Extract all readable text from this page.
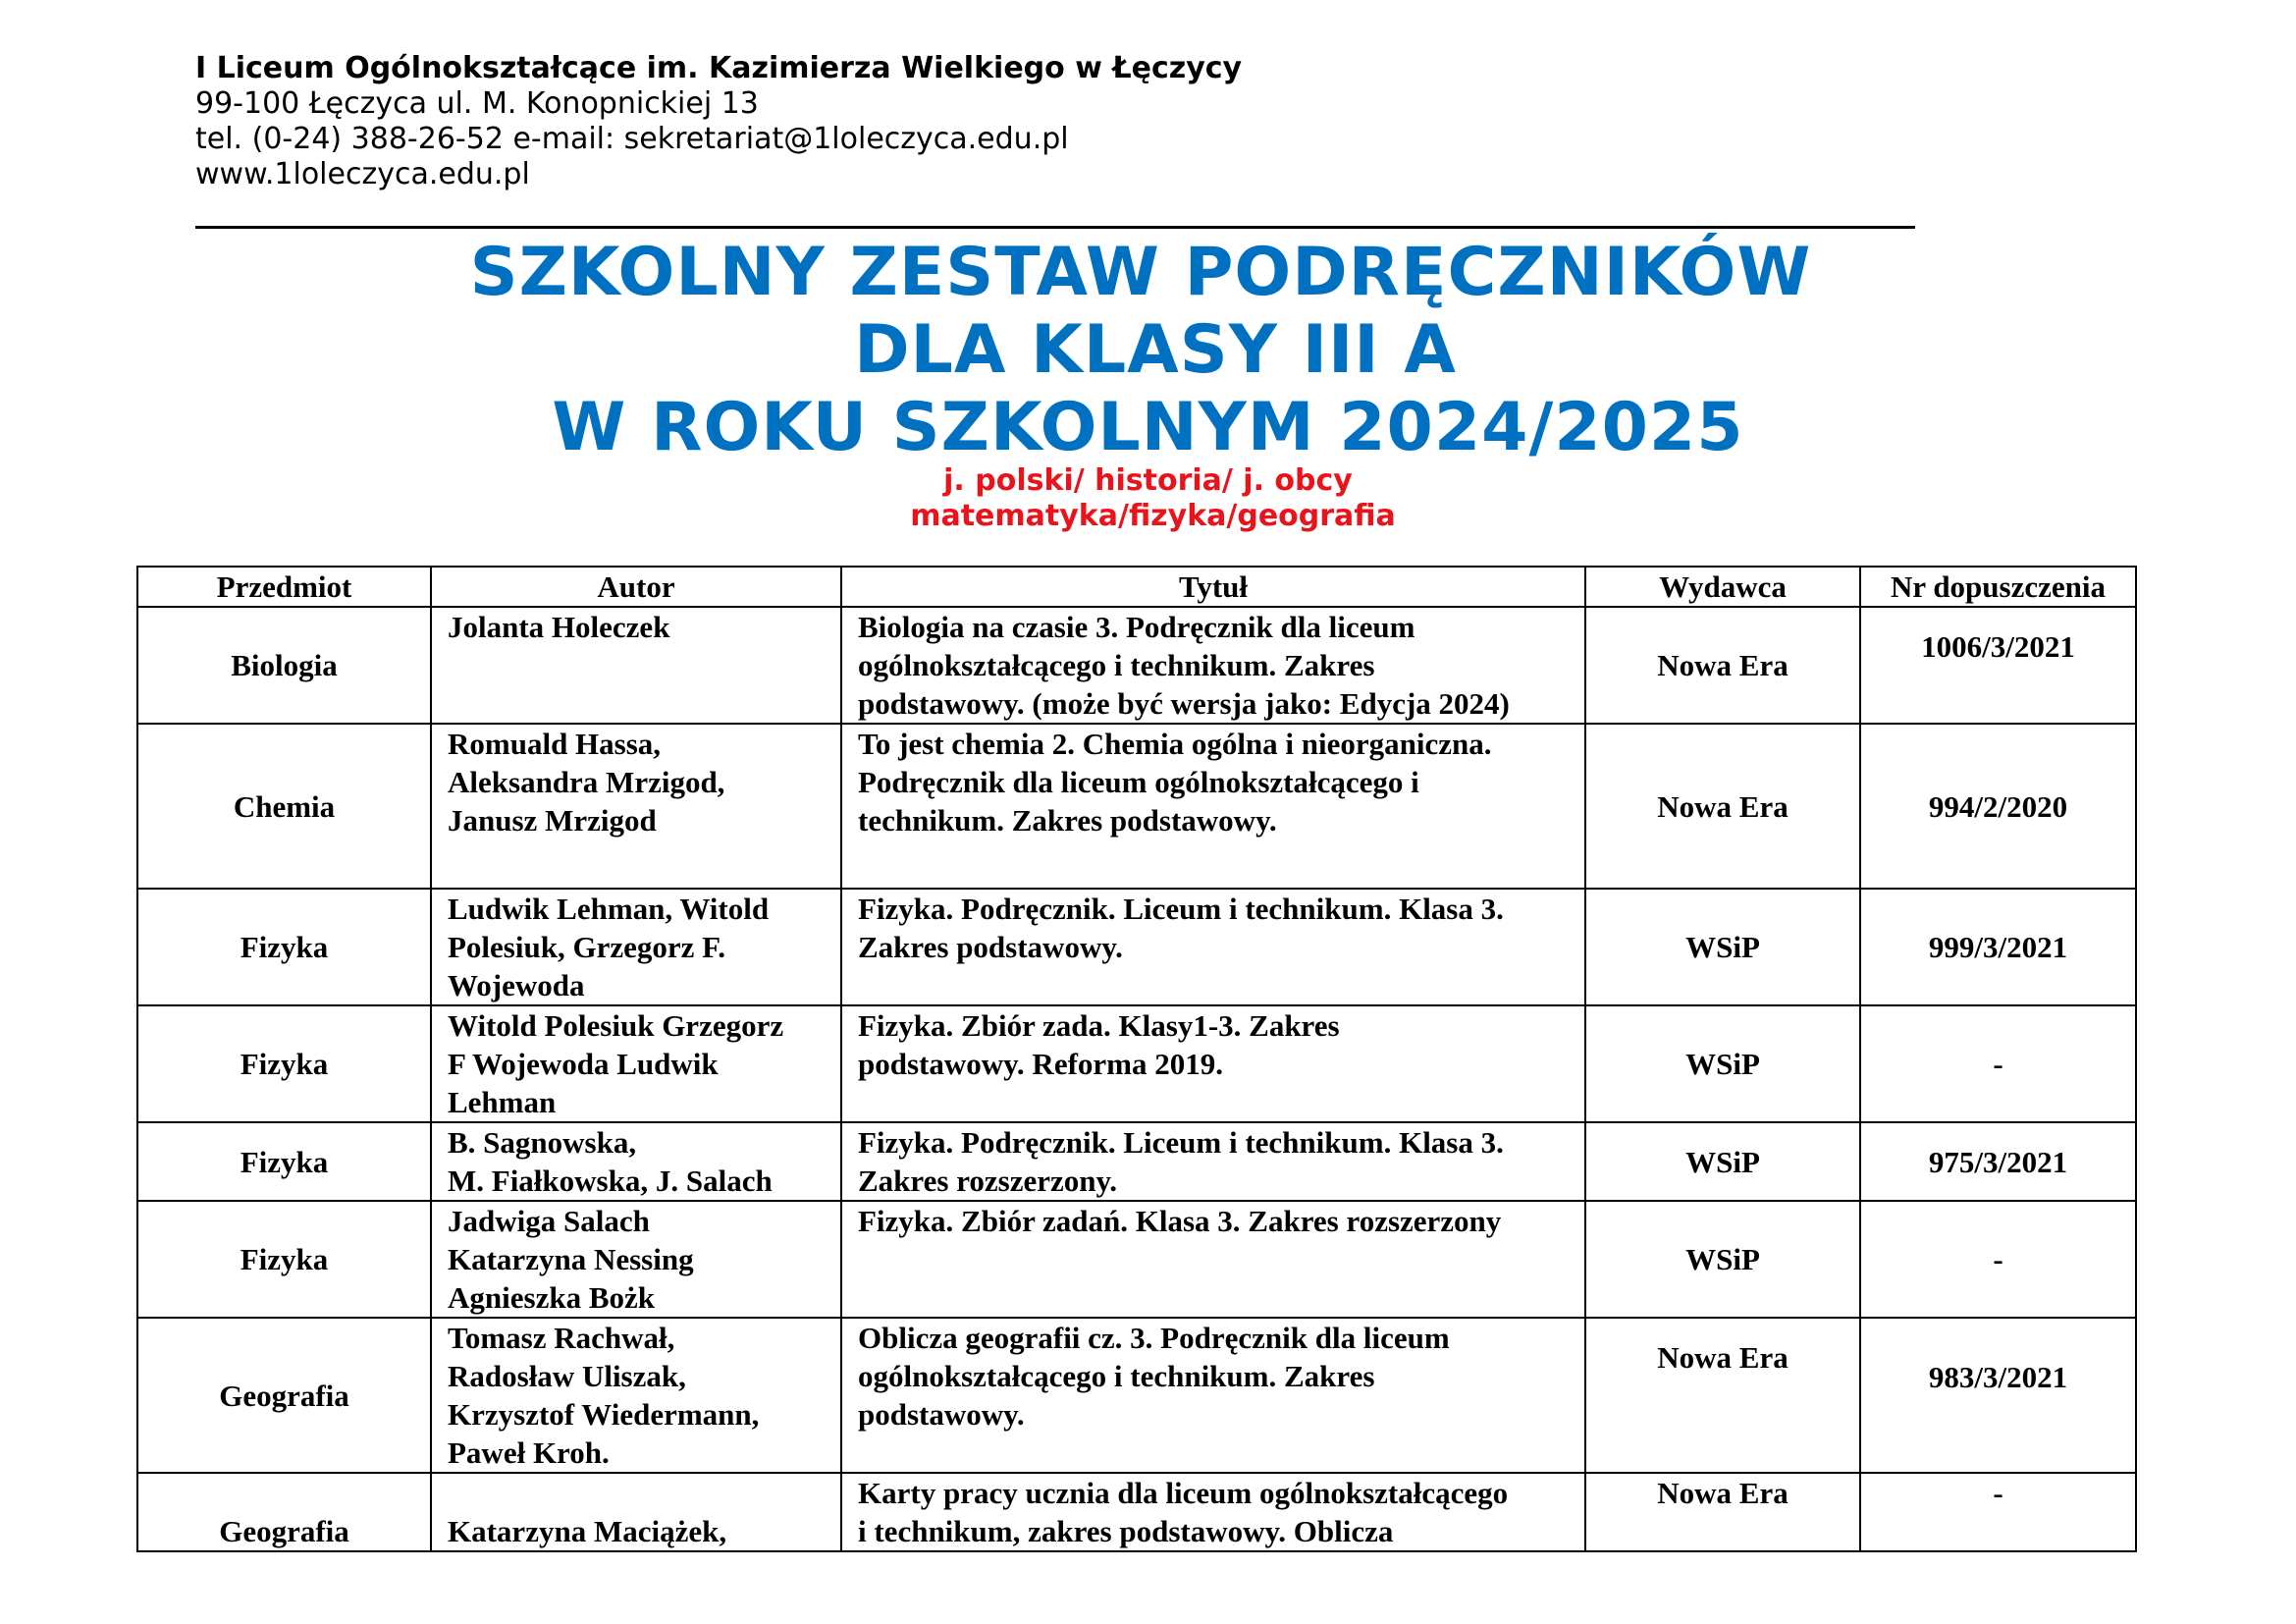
I Liceum Ogólnokształcące im. Kazimierza Wielkiego w Łęczycy
99-100 Łęczyca ul. M. Konopnickiej 13
tel. (0-24) 388-26-52 e-mail: sekretariat@1loleczyca.edu.pl
www.1loleczyca.edu.pl
SZKOLNY ZESTAW PODRĘCZNIKÓW
DLA KLASY III A
W ROKU SZKOLNYM 2024/2025
j. polski/ historia/ j. obcy
matematyka/fizyka/geografia
Przedmiot	Autor	Tytuł	Wydawca	Nr dopuszczenia
Biologia	Jolanta Holeczek	Biologia na czasie 3. Podręcznik dla liceum
ogólnokształcącego i technikum. Zakres
podstawowy. (może być wersja jako: Edycja 2024)	Nowa Era	1006/3/2021
Chemia	Romuald Hassa,
Aleksandra Mrzigod,
Janusz Mrzigod	To jest chemia 2. Chemia ogólna i nieorganiczna.
Podręcznik dla liceum ogólnokształcącego i
technikum. Zakres podstawowy.	Nowa Era	994/2/2020
Fizyka	Ludwik Lehman, Witold
Polesiuk, Grzegorz F.
Wojewoda	Fizyka. Podręcznik. Liceum i technikum. Klasa 3.
Zakres podstawowy.	WSiP	999/3/2021
Fizyka	Witold Polesiuk Grzegorz
F Wojewoda Ludwik
Lehman	Fizyka. Zbiór zada. Klasy1-3. Zakres
podstawowy. Reforma 2019.	WSiP	-
Fizyka	B. Sagnowska,
M. Fiałkowska, J. Salach	Fizyka. Podręcznik. Liceum i technikum. Klasa 3.
Zakres rozszerzony.	WSiP	975/3/2021
Fizyka	Jadwiga Salach
Katarzyna Nessing
Agnieszka Bożk	Fizyka. Zbiór zadań. Klasa 3. Zakres rozszerzony	WSiP	-
Geografia	Tomasz Rachwał,
Radosław Uliszak,
Krzysztof Wiedermann,
Paweł Kroh.	Oblicza geografii cz. 3. Podręcznik dla liceum
ogólnokształcącego i technikum. Zakres
podstawowy.	Nowa Era	983/3/2021
Geografia	Katarzyna Maciążek,	Karty pracy ucznia dla liceum ogólnokształcącego
i technikum, zakres podstawowy. Oblicza	Nowa Era	-
